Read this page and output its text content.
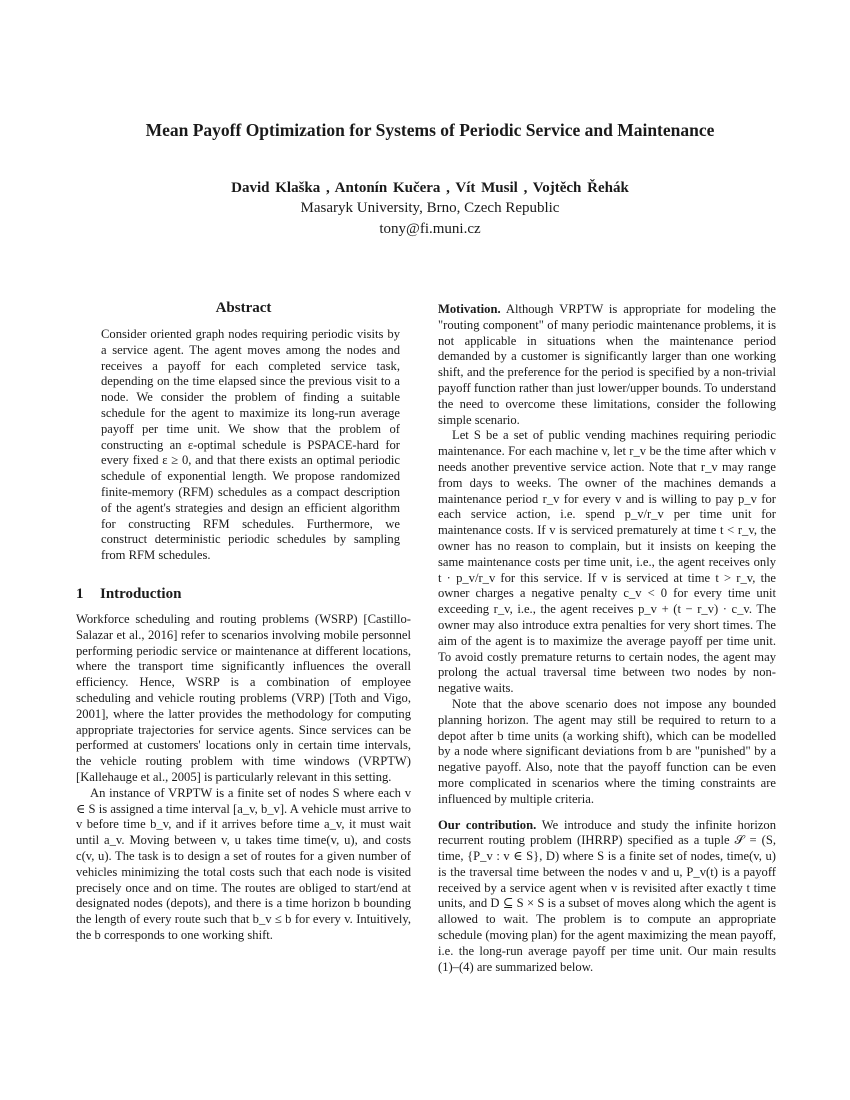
Mean Payoff Optimization for Systems of Periodic Service and Maintenance
David Klaška , Antonín Kučera , Vít Musil , Vojtěch Řehák
Masaryk University, Brno, Czech Republic
tony@fi.muni.cz
Abstract

Consider oriented graph nodes requiring periodic visits by a service agent. The agent moves among the nodes and receives a payoff for each completed service task, depending on the time elapsed since the previous visit to a node. We consider the problem of finding a suitable schedule for the agent to maximize its long-run average payoff per time unit. We show that the problem of constructing an ε-optimal schedule is PSPACE-hard for every fixed ε ≥ 0, and that there exists an optimal periodic schedule of exponential length. We propose randomized finite-memory (RFM) schedules as a compact description of the agent's strategies and design an efficient algorithm for constructing RFM schedules. Furthermore, we construct deterministic periodic schedules by sampling from RFM schedules.

1 Introduction

Workforce scheduling and routing problems (WSRP) [Castillo-Salazar et al., 2016] refer to scenarios involving mobile personnel performing periodic service or maintenance at different locations, where the transport time significantly influences the overall efficiency. Hence, WSRP is a combination of employee scheduling and vehicle routing problems (VRP) [Toth and Vigo, 2001], where the latter provides the methodology for computing appropriate trajectories for service agents. Since services can be performed at customers' locations only in certain time intervals, the vehicle routing problem with time windows (VRPTW) [Kallehauge et al., 2005] is particularly relevant in this setting.

An instance of VRPTW is a finite set of nodes S where each v ∈ S is assigned a time interval [a_v, b_v]. A vehicle must arrive to v before time b_v, and if it arrives before time a_v, it must wait until a_v. Moving between v, u takes time time(v, u), and costs c(v, u). The task is to design a set of routes for a given number of vehicles minimizing the total costs such that each node is visited precisely once and on time. The routes are obliged to start/end at designated nodes (depots), and there is a time horizon b bounding the length of every route such that b_v ≤ b for every v. Intuitively, the b corresponds to one working shift.

Motivation. Although VRPTW is appropriate for modeling the "routing component" of many periodic maintenance problems, it is not applicable in situations when the maintenance period demanded by a customer is significantly larger than one working shift, and the preference for the period is specified by a non-trivial payoff function rather than just lower/upper bounds. To understand the need to overcome these limitations, consider the following simple scenario.

Let S be a set of public vending machines requiring periodic maintenance. For each machine v, let r_v be the time after which v needs another preventive service action. Note that r_v may range from days to weeks. The owner of the machines demands a maintenance period r_v for every v and is willing to pay p_v for each service action, i.e. spend p_v/r_v per time unit for maintenance costs. If v is serviced prematurely at time t < r_v, the owner has no reason to complain, but it insists on keeping the same maintenance costs per time unit, i.e., the agent receives only t · p_v/r_v for this service. If v is serviced at time t > r_v, the owner charges a negative penalty c_v < 0 for every time unit exceeding r_v, i.e., the agent receives p_v + (t − r_v) · c_v. The owner may also introduce extra penalties for very short times. The aim of the agent is to maximize the average payoff per time unit. To avoid costly premature returns to certain nodes, the agent may prolong the actual traversal time between two nodes by non-negative waits.

Note that the above scenario does not impose any bounded planning horizon. The agent may still be required to return to a depot after b time units (a working shift), which can be modelled by a node where significant deviations from b are "punished" by a negative payoff. Also, note that the payoff function can be even more complicated in scenarios where the timing constraints are influenced by multiple criteria.

Our contribution. We introduce and study the infinite horizon recurrent routing problem (IHRRP) specified as a tuple 𝒮 = (S, time, {P_v : v ∈ S}, D) where S is a finite set of nodes, time(v, u) is the traversal time between the nodes v and u, P_v(t) is a payoff received by a service agent when v is revisited after exactly t time units, and D ⊆ S × S is a subset of moves along which the agent is allowed to wait. The problem is to compute an appropriate schedule (moving plan) for the agent maximizing the mean payoff, i.e. the long-run average payoff per time unit. Our main results (1)–(4) are summarized below.
